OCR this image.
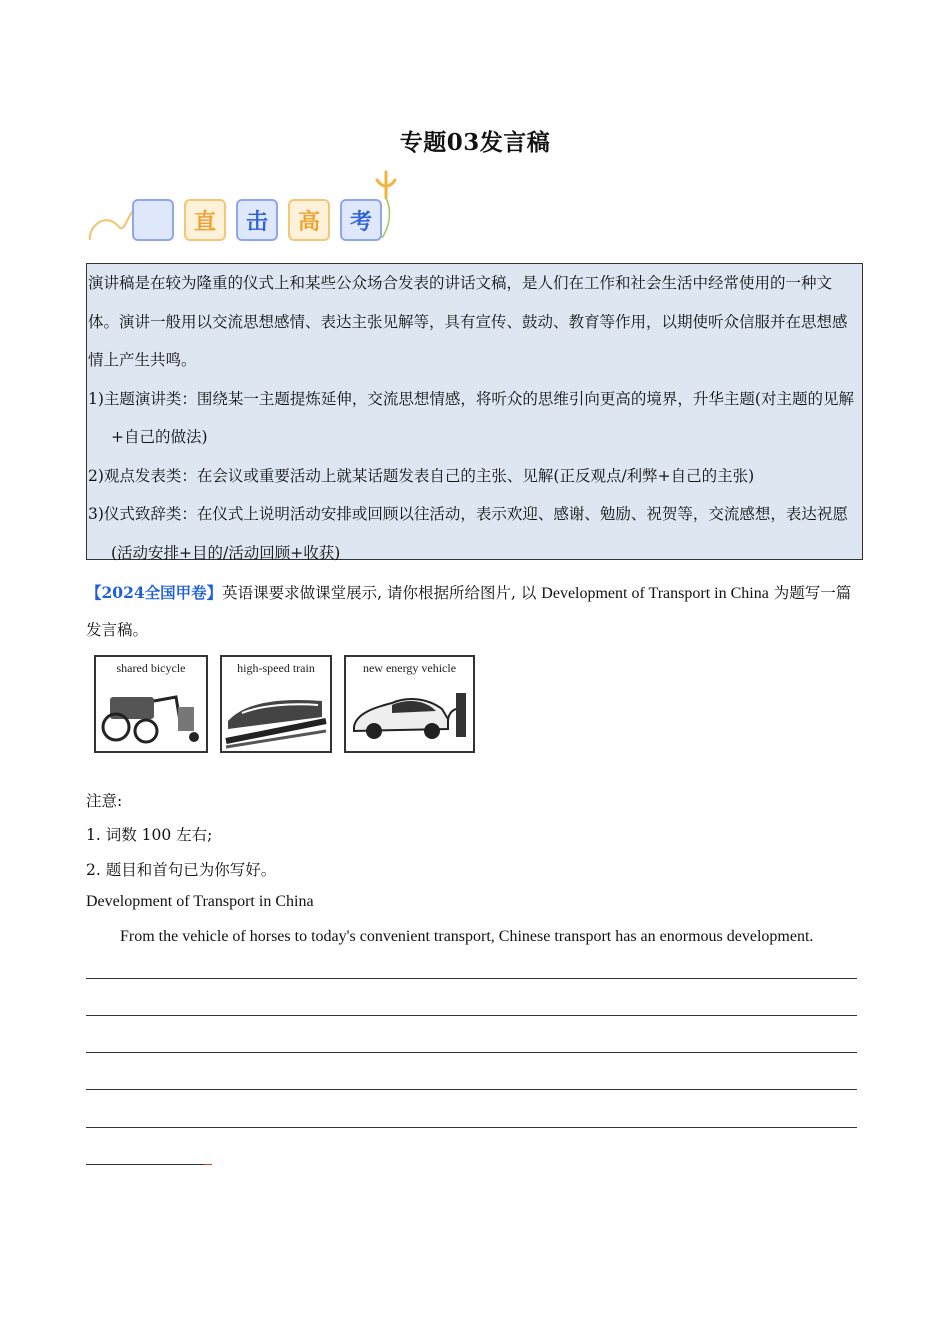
专题03发言稿
直	击	高	考

演讲稿是在较为隆重的仪式上和某些公众场合发表的讲话文稿，是人们在工作和社会生活中经常使用的一种文体。演讲一般用以交流思想感情、表达主张见解等，具有宣传、鼓动、教育等作用，以期使听众信服并在思想感情上产生共鸣。

1)主题演讲类：围绕某一主题提炼延伸，交流思想情感，将听众的思维引向更高的境界，升华主题(对主题的见解+自己的做法)

2)观点发表类：在会议或重要活动上就某话题发表自己的主张、见解(正反观点/利弊+自己的主张)

3)仪式致辞类：在仪式上说明活动安排或回顾以往活动，表示欢迎、感谢、勉励、祝贺等，交流感想，表达祝愿(活动安排+目的/活动回顾+收获)

【2024全国甲卷】英语课要求做课堂展示, 请你根据所给图片, 以 Development of Transport in China 为题写一篇发言稿。
shared bicycle	high-speed train	new energy vehicle
注意:
1. 词数 100 左右;
2. 题目和首句已为你写好。
Development of Transport in China
From the vehicle of horses to today's convenient transport, Chinese transport has an enormous development.
